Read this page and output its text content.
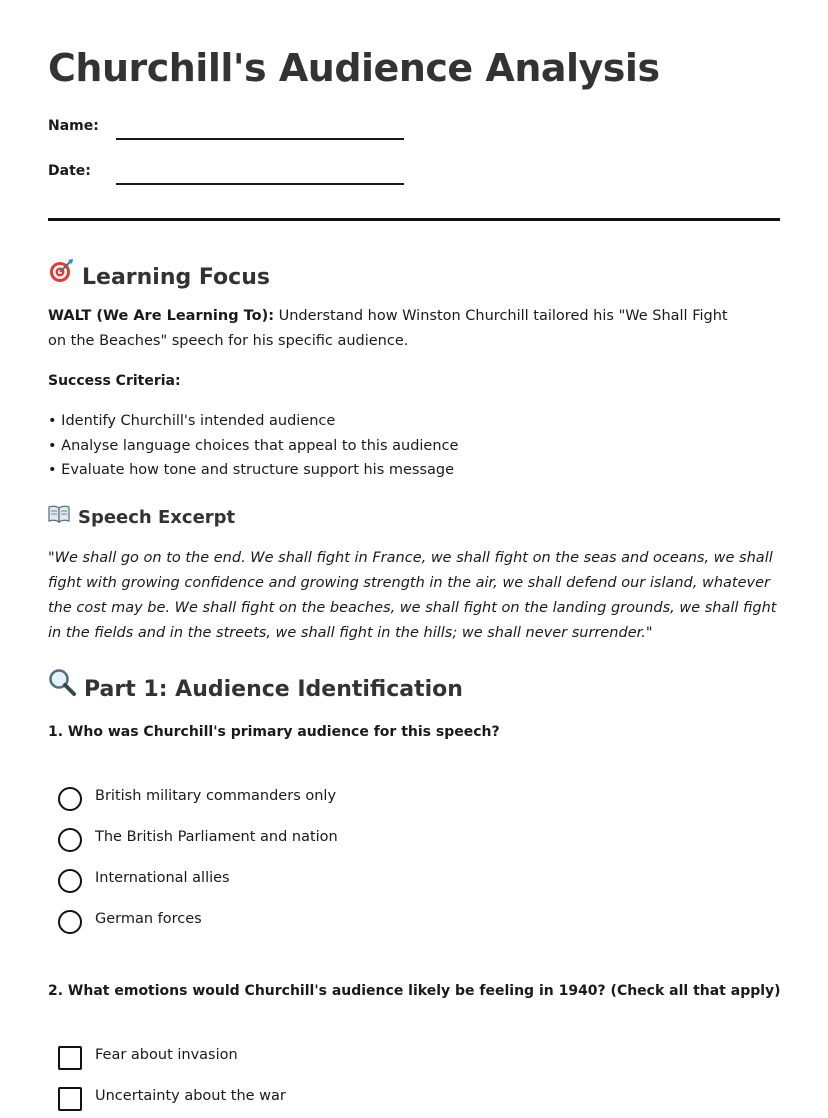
Churchill's Audience Analysis
Name:
Date:
Learning Focus

WALT (We Are Learning To): Understand how Winston Churchill tailored his "We Shall Fight on the Beaches" speech for his specific audience.

Success Criteria:

• Identify Churchill's intended audience
• Analyse language choices that appeal to this audience
• Evaluate how tone and structure support his message
Speech Excerpt

"We shall go on to the end. We shall fight in France, we shall fight on the seas and oceans, we shall fight with growing confidence and growing strength in the air, we shall defend our island, whatever the cost may be. We shall fight on the beaches, we shall fight on the landing grounds, we shall fight in the fields and in the streets, we shall fight in the hills; we shall never surrender."

Part 1: Audience Identification

1. Who was Churchill's primary audience for this speech?

British military commanders only
The British Parliament and nation
International allies
German forces

2. What emotions would Churchill's audience likely be feeling in 1940? (Check all that apply)

Fear about invasion
Uncertainty about the war
